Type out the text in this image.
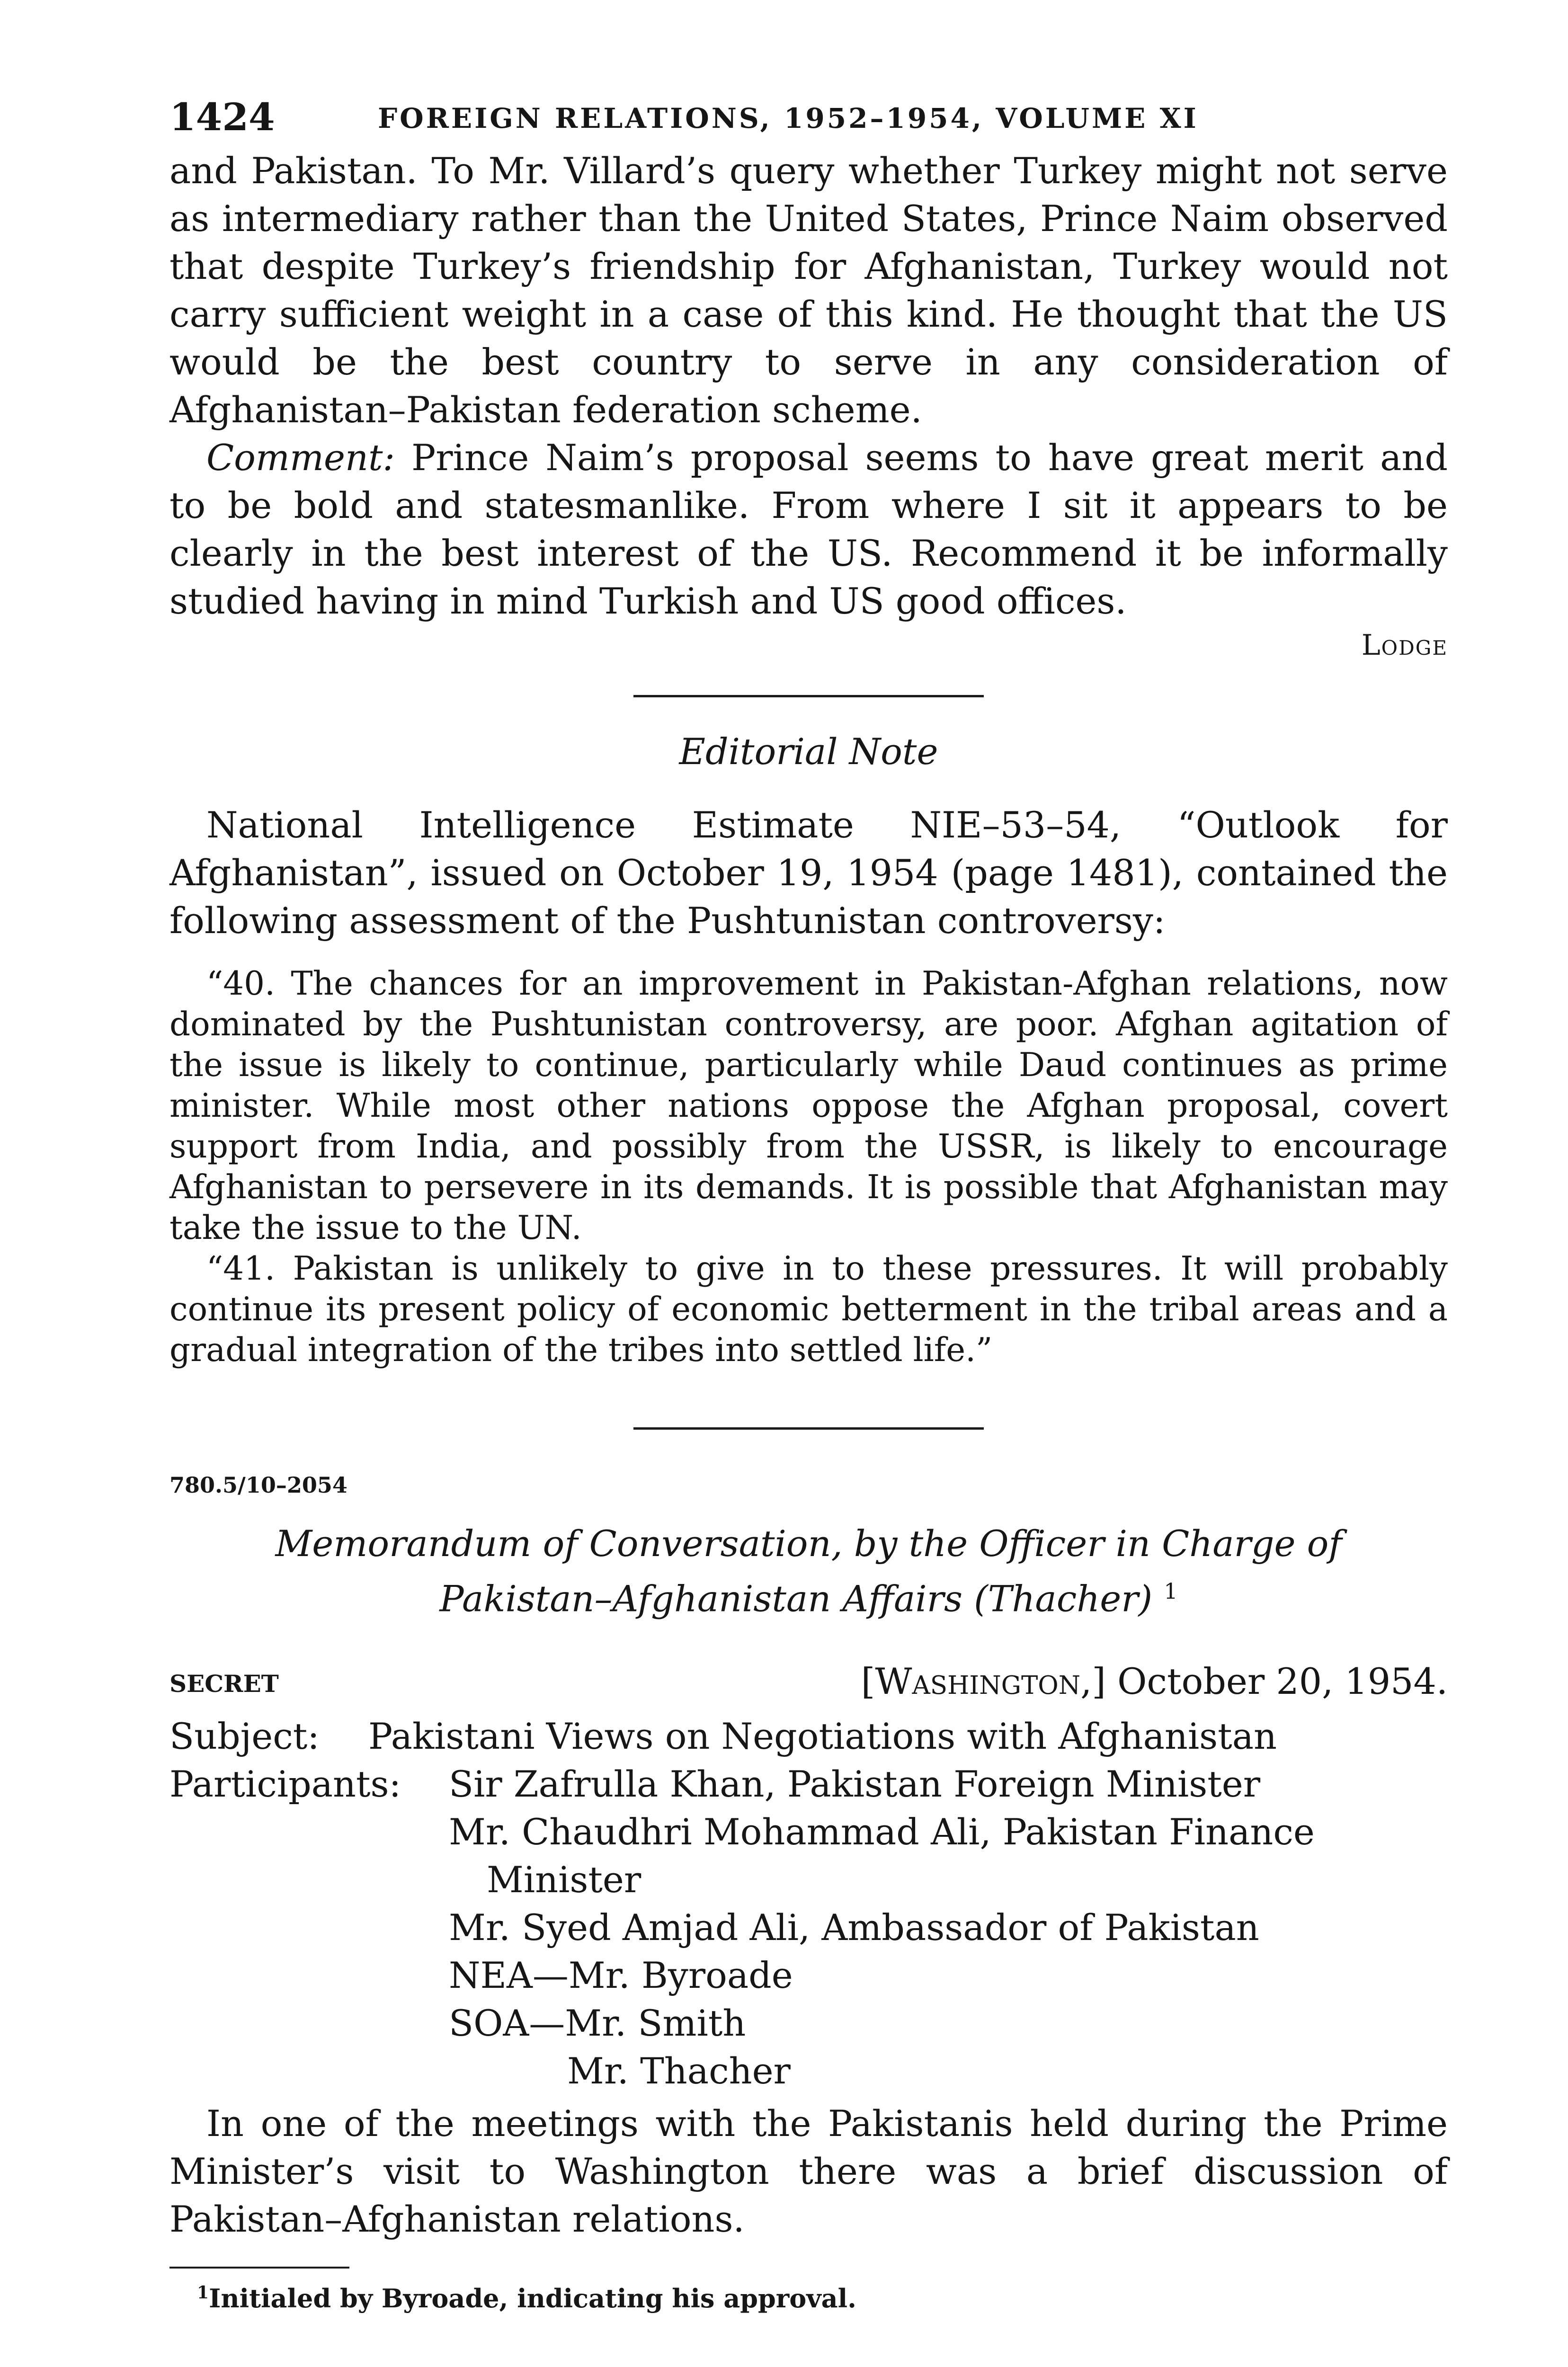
1424	FOREIGN RELATIONS, 1952–1954, VOLUME XI

and Pakistan. To Mr. Villard’s query whether Turkey might not serve as intermediary rather than the United States, Prince Naim observed that despite Turkey’s friendship for Afghanistan, Turkey would not carry sufficient weight in a case of this kind. He thought that the US would be the best country to serve in any consideration of Afghanistan–Pakistan federation scheme.

Comment: Prince Naim’s proposal seems to have great merit and to be bold and statesmanlike. From where I sit it appears to be clearly in the best interest of the US. Recommend it be informally studied having in mind Turkish and US good offices.

Lodge
Editorial Note

National Intelligence Estimate NIE–53–54, “Outlook for Afghanistan”, issued on October 19, 1954 (page 1481), contained the following assessment of the Pushtunistan controversy:

“40. The chances for an improvement in Pakistan-Afghan relations, now dominated by the Pushtunistan controversy, are poor. Afghan agitation of the issue is likely to continue, particularly while Daud continues as prime minister. While most other nations oppose the Afghan proposal, covert support from India, and possibly from the USSR, is likely to encourage Afghanistan to persevere in its demands. It is possible that Afghanistan may take the issue to the UN.

“41. Pakistan is unlikely to give in to these pressures. It will probably continue its present policy of economic betterment in the tribal areas and a gradual integration of the tribes into settled life.”

780.5/10–2054
Memorandum of Conversation, by the Officer in Charge of Pakistan–Afghanistan Affairs (Thacher) $^1$
SECRET	[Washington,] October 20, 1954.
Subject: Pakistani Views on Negotiations with Afghanistan
Participants: Sir Zafrulla Khan, Pakistan Foreign Minister
Mr. Chaudhri Mohammad Ali, Pakistan Finance
Minister
Mr. Syed Amjad Ali, Ambassador of Pakistan
NEA—Mr. Byroade
SOA—Mr. Smith
Mr. Thacher

In one of the meetings with the Pakistanis held during the Prime Minister’s visit to Washington there was a brief discussion of Pakistan–Afghanistan relations.

$^1$Initialed by Byroade, indicating his approval.
